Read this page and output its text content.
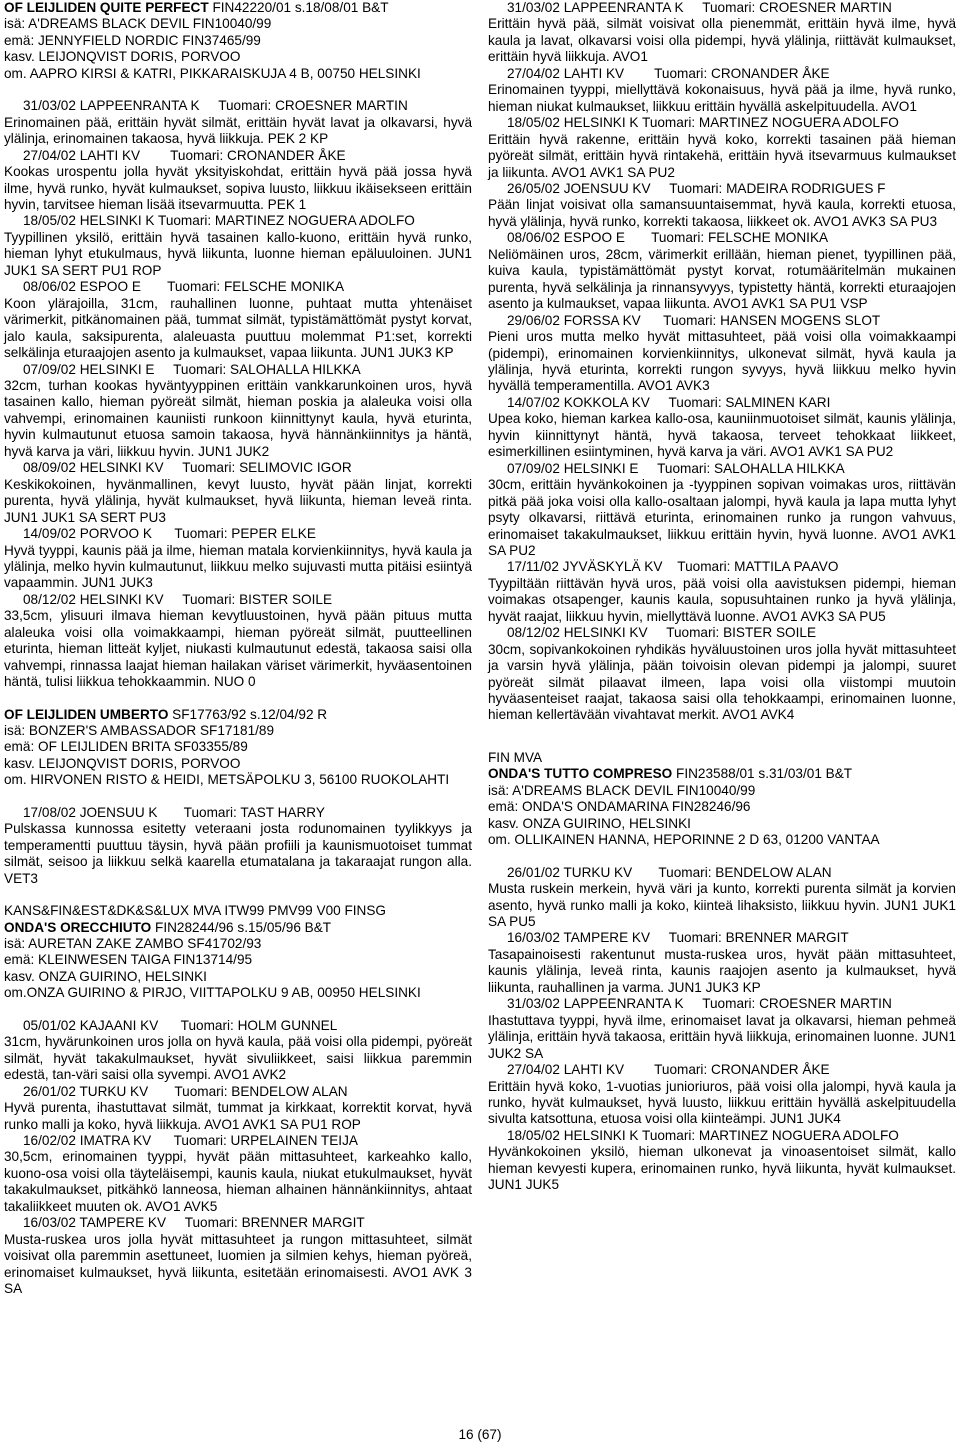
OF LEIJLIDEN QUITE PERFECT FIN42220/01 s.18/08/01 B&T
isä: A'DREAMS BLACK DEVIL FIN10040/99
emä: JENNYFIELD NORDIC FIN37465/99
kasv. LEIJONQVIST DORIS, PORVOO
om. AAPRO KIRSI & KATRI, PIKKARAISKUJA 4 B, 00750 HELSINKI
31/03/02 LAPPEENRANTA K     Tuomari: CROESNER MARTIN
Erinomainen pää, erittäin hyvät silmät, erittäin hyvät lavat ja olkavarsi, hyvä ylälinja, erinomainen takaosa, hyvä liikkuja. PEK 2 KP
27/04/02 LAHTI KV        Tuomari: CRONANDER ÅKE
Kookas urospentu jolla hyvät yksityiskohdat, erittäin hyvä pää jossa hyvä ilme, hyvä runko, hyvät kulmaukset, sopiva luusto, liikkuu ikäisekseen erittäin hyvin, tarvitsee hieman lisää itsevarmuutta. PEK 1
18/05/02 HELSINKI K Tuomari: MARTINEZ NOGUERA ADOLFO
Tyypillinen yksilö, erittäin hyvä tasainen kallo-kuono, erittäin hyvä runko, hieman lyhyt etukulmaus, hyvä liikunta, luonne hieman epäluuloinen. JUN1 JUK1 SA SERT PU1 ROP
08/06/02 ESPOO E       Tuomari: FELSCHE MONIKA
Koon ylärajoilla, 31cm, rauhallinen luonne, puhtaat mutta yhtenäiset värimerkit, pitkänomainen pää, tummat silmät, typistämättömät pystyt korvat, jalo kaula, saksipurenta, alaleuasta puuttuu molemmat P1:set, korrekti selkälinja eturaajojen asento ja kulmaukset, vapaa liikunta. JUN1 JUK3 KP
07/09/02 HELSINKI E     Tuomari: SALOHALLA HILKKA
32cm, turhan kookas hyväntyyppinen erittäin vankkarunkoinen uros, hyvä tasainen kallo, hieman pyöreät silmät, hieman poskia ja alaleuka voisi olla vahvempi, erinomainen kauniisti runkoon kiinnittynyt kaula, hyvä eturinta, hyvin kulmautunut etuosa samoin takaosa, hyvä hännänkiinnitys ja häntä, hyvä karva ja väri, liikkuu hyvin. JUN1 JUK2
08/09/02 HELSINKI KV     Tuomari: SELIMOVIC IGOR
Keskikokoinen, hyvänmallinen, kevyt luusto, hyvät pään linjat, korrekti purenta, hyvä ylälinja, hyvät kulmaukset, hyvä liikunta, hieman leveä rinta. JUN1 JUK1 SA SERT PU3
14/09/02 PORVOO K      Tuomari: PEPER ELKE
Hyvä tyyppi, kaunis pää ja ilme, hieman matala korvienkiinnitys, hyvä kaula ja ylälinja, melko hyvin kulmautunut, liikkuu melko sujuvasti mutta pitäisi esiintyä vapaammin. JUN1 JUK3
08/12/02 HELSINKI KV     Tuomari: BISTER SOILE
33,5cm, ylisuuri ilmava hieman kevytluustoinen, hyvä pään pituus mutta alaleuka voisi olla voimakkaampi, hieman pyöreät silmät, puutteellinen eturinta, hieman litteät kyljet, niukasti kulmautunut edestä, takaosa saisi olla vahvempi, rinnassa laajat hieman hailakan väriset värimerkit, hyväasentoinen häntä, tulisi liikkua tehokkaammin. NUO 0
OF LEIJLIDEN UMBERTO SF17763/92 s.12/04/92 R
isä: BONZER'S AMBASSADOR SF17181/89
emä: OF LEIJLIDEN BRITA SF03355/89
kasv. LEIJONQVIST DORIS, PORVOO
om. HIRVONEN RISTO & HEIDI, METSÄPOLKU 3, 56100 RUOKOLAHTI
17/08/02 JOENSUU K       Tuomari: TAST HARRY
Pulskassa kunnossa esitetty veteraani josta rodunomainen tyylikkyys ja temperamentti puuttuu täysin, hyvä pään profiili ja kaunismuotoiset tummat silmät, seisoo ja liikkuu selkä kaarella etumatalana ja takaraajat rungon alla. VET3
KANS&FIN&EST&DK&S&LUX MVA ITW99 PMV99 V00 FINSG
ONDA'S ORECCHIUTO FIN28244/96 s.15/05/96 B&T
isä: AURETAN ZAKE ZAMBO SF41702/93
emä: KLEINWESEN TAIGA FIN13714/95
kasv. ONZA GUIRINO, HELSINKI
om.ONZA GUIRINO & PIRJO, VIITTAPOLKU 9 AB, 00950 HELSINKI
05/01/02 KAJAANI KV      Tuomari: HOLM GUNNEL
31cm, hyvärunkoinen uros jolla on hyvä kaula, pää voisi olla pidempi, pyöreät silmät, hyvät takakulmaukset, hyvät sivuliikkeet, saisi liikkua paremmin edestä, tan-väri saisi olla syvempi. AVO1 AVK2
26/01/02 TURKU KV       Tuomari: BENDELOW ALAN
Hyvä purenta, ihastuttavat silmät, tummat ja kirkkaat, korrektit korvat, hyvä runko malli ja koko, hyvä liikkuja. AVO1 AVK1 SA PU1 ROP
16/02/02 IMATRA KV      Tuomari: URPELAINEN TEIJA
30,5cm, erinomainen tyyppi, hyvät pään mittasuhteet, karkeahko kallo, kuono-osa voisi olla täyteläisempi, kaunis kaula, niukat etukulmaukset, hyvät takakulmaukset, pitkähkö lanneosa, hieman alhainen hännänkiinnitys, ahtaat takaliikkeet muuten ok. AVO1 AVK5
16/03/02 TAMPERE KV     Tuomari: BRENNER MARGIT
Musta-ruskea uros jolla hyvät mittasuhteet ja rungon mittasuhteet, silmät voisivat olla paremmin asettuneet, luomien ja silmien kehys, hieman pyöreä, erinomaiset kulmaukset, hyvä liikunta, esitetään erinomaisesti. AVO1 AVK 3 SA
31/03/02 LAPPEENRANTA K     Tuomari: CROESNER MARTIN
Erittäin hyvä pää, silmät voisivat olla pienemmät, erittäin hyvä ilme, hyvä kaula ja lavat, olkavarsi voisi olla pidempi, hyvä ylälinja, riittävät kulmaukset, erittäin hyvä liikkuja. AVO1
27/04/02 LAHTI KV        Tuomari: CRONANDER ÅKE
Erinomainen tyyppi, miellyttävä kokonaisuus, hyvä pää ja ilme, hyvä runko, hieman niukat kulmaukset, liikkuu erittäin hyvällä askelpituudella. AVO1
18/05/02 HELSINKI K Tuomari: MARTINEZ NOGUERA ADOLFO
Erittäin hyvä rakenne, erittäin hyvä koko, korrekti tasainen pää hieman pyöreät silmät, erittäin hyvä rintakehä, erittäin hyvä itsevarmuus kulmaukset ja liikunta. AVO1 AVK1 SA PU2
26/05/02 JOENSUU KV     Tuomari: MADEIRA RODRIGUES F
Pään linjat voisivat olla samansuuntaisemmat, hyvä kaula, korrekti etuosa, hyvä ylälinja, hyvä runko, korrekti takaosa, liikkeet ok. AVO1 AVK3 SA PU3
08/06/02 ESPOO E       Tuomari: FELSCHE MONIKA
Neliömäinen uros, 28cm, värimerkit erillään, hieman pienet, tyypillinen pää, kuiva kaula, typistämättömät pystyt korvat, rotumääritelmän mukainen purenta, hyvä selkälinja ja rinnansyvyys, typistetty häntä, korrekti eturaajojen asento ja kulmaukset, vapaa liikunta. AVO1 AVK1 SA PU1 VSP
29/06/02 FORSSA KV      Tuomari: HANSEN MOGENS SLOT
Pieni uros mutta melko hyvät mittasuhteet, pää voisi olla voimakkaampi (pidempi), erinomainen korvienkiinnitys, ulkonevat silmät, hyvä kaula ja ylälinja, hyvä eturinta, korrekti rungon syvyys, hyvä liikkuu melko hyvin hyvällä temperamentilla. AVO1 AVK3
14/07/02 KOKKOLA KV     Tuomari: SALMINEN KARI
Upea koko, hieman karkea kallo-osa, kauniinmuotoiset silmät, kaunis ylälinja, hyvin kiinnittynyt häntä, hyvä takaosa, terveet tehokkaat liikkeet, esimerkillinen esiintyminen, hyvä karva ja väri. AVO1 AVK1 SA PU2
07/09/02 HELSINKI E     Tuomari: SALOHALLA HILKKA
30cm, erittäin hyvänkokoinen ja -tyyppinen sopivan voimakas uros, riittävän pitkä pää joka voisi olla kallo-osaltaan jalompi, hyvä kaula ja lapa mutta lyhyt psyty olkavarsi, riittävä eturinta, erinomainen runko ja rungon vahvuus, erinomaiset takakulmaukset, liikkuu erittäin hyvin, hyvä luonne. AVO1 AVK1 SA PU2
17/11/02 JYVÄSKYLÄ KV    Tuomari: MATTILA PAAVO
Tyypiltään riittävän hyvä uros, pää voisi olla aavistuksen pidempi, hieman voimakas otsapenger, kaunis kaula, sopusuhtainen runko ja hyvä ylälinja, hyvät raajat, liikkuu hyvin, miellyttävä luonne. AVO1 AVK3 SA PU5
08/12/02 HELSINKI KV     Tuomari: BISTER SOILE
30cm, sopivankokoinen ryhdikäs hyväluustoinen uros jolla hyvät mittasuhteet ja varsin hyvä ylälinja, pään toivoisin olevan pidempi ja jalompi, suuret pyöreät silmät pilaavat ilmeen, lapa voisi olla viistompi muutoin hyväasenteiset raajat, takaosa saisi olla tehokkaampi, erinomainen luonne, hieman kellertävään vivahtavat merkit. AVO1 AVK4
FIN MVA
ONDA'S TUTTO COMPRESO FIN23588/01 s.31/03/01 B&T
isä: A'DREAMS BLACK DEVIL FIN10040/99
emä: ONDA'S ONDAMARINA FIN28246/96
kasv. ONZA GUIRINO, HELSINKI
om. OLLIKAINEN HANNA, HEPORINNE 2 D 63, 01200 VANTAA
26/01/02 TURKU KV       Tuomari: BENDELOW ALAN
Musta ruskein merkein, hyvä väri ja kunto, korrekti purenta silmät ja korvien asento, hyvä runko malli ja koko, kiinteä lihaksisto, liikkuu hyvin. JUN1 JUK1 SA PU5
16/03/02 TAMPERE KV     Tuomari: BRENNER MARGIT
Tasapainoisesti rakentunut musta-ruskea uros, hyvät pään mittasuhteet, kaunis ylälinja, leveä rinta, kaunis raajojen asento ja kulmaukset, hyvä liikunta, rauhallinen ja varma. JUN1 JUK3 KP
31/03/02 LAPPEENRANTA K     Tuomari: CROESNER MARTIN
Ihastuttava tyyppi, hyvä ilme, erinomaiset lavat ja olkavarsi, hieman pehmeä ylälinja, erittäin hyvä takaosa, erittäin hyvä liikkuja, erinomainen luonne. JUN1 JUK2 SA
27/04/02 LAHTI KV        Tuomari: CRONANDER ÅKE
Erittäin hyvä koko, 1-vuotias junioriuros, pää voisi olla jalompi, hyvä kaula ja runko, hyvät kulmaukset, hyvä luusto, liikkuu erittäin hyvällä askelpituudella sivulta katsottuna, etuosa voisi olla kiinteämpi. JUN1 JUK4
18/05/02 HELSINKI K Tuomari: MARTINEZ NOGUERA ADOLFO
Hyvänkokoinen yksilö, hieman ulkonevat ja vinoasentoiset silmät, kallo hieman kevyesti kupera, erinomainen runko, hyvä liikunta, hyvät kulmaukset. JUN1 JUK5
16 (67)
